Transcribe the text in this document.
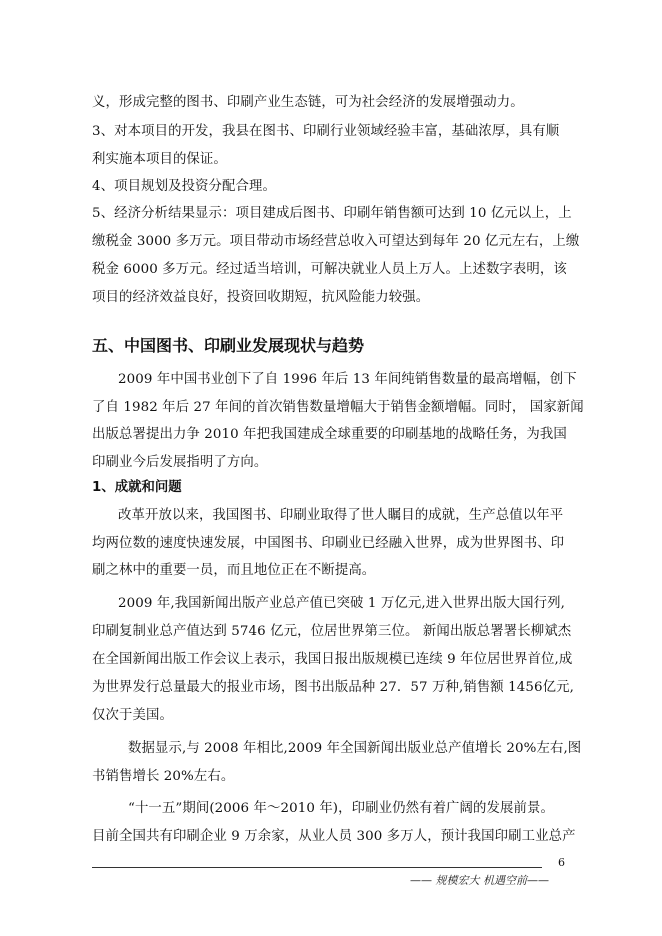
义，形成完整的图书、印刷产业生态链，可为社会经济的发展增强动力。
3、对本项目的开发，我县在图书、印刷行业领域经验丰富，基础浓厚，具有顺
利实施本项目的保证。
4、项目规划及投资分配合理。
5、经济分析结果显示：项目建成后图书、印刷年销售额可达到 10 亿元以上，上
缴税金 3000 多万元。项目带动市场经营总收入可望达到每年 20 亿元左右，上缴
税金 6000 多万元。经过适当培训，可解决就业人员上万人。上述数字表明，该
项目的经济效益良好，投资回收期短，抗风险能力较强。
五、中国图书、印刷业发展现状与趋势
2009 年中国书业创下了自 1996 年后 13 年间纯销售数量的最高增幅，创下
了自 1982 年后 27 年间的首次销售数量增幅大于销售金额增幅。同时， 国家新闻
出版总署提出力争 2010 年把我国建成全球重要的印刷基地的战略任务，为我国
印刷业今后发展指明了方向。
1、成就和问题
改革开放以来，我国图书、印刷业取得了世人瞩目的成就，生产总值以年平
均两位数的速度快速发展，中国图书、印刷业已经融入世界，成为世界图书、印
刷之林中的重要一员，而且地位正在不断提高。
2009 年,我国新闻出版产业总产值已突破 1 万亿元,进入世界出版大国行列,
印刷复制业总产值达到 5746 亿元，位居世界第三位。 新闻出版总署署长柳斌杰
在全国新闻出版工作会议上表示，我国日报出版规模已连续 9 年位居世界首位,成
为世界发行总量最大的报业市场，图书出版品种 27．57 万种,销售额 1456亿元,
仅次于美国。
数据显示,与 2008 年相比,2009 年全国新闻出版业总产值增长 20%左右,图
书销售增长 20%左右。
“十一五”期间(2006 年～2010 年)，印刷业仍然有着广阔的发展前景。
目前全国共有印刷企业 9 万余家，从业人员 300 多万人，预计我国印刷工业总产
6
—— 规模宏大 机遇空前——
